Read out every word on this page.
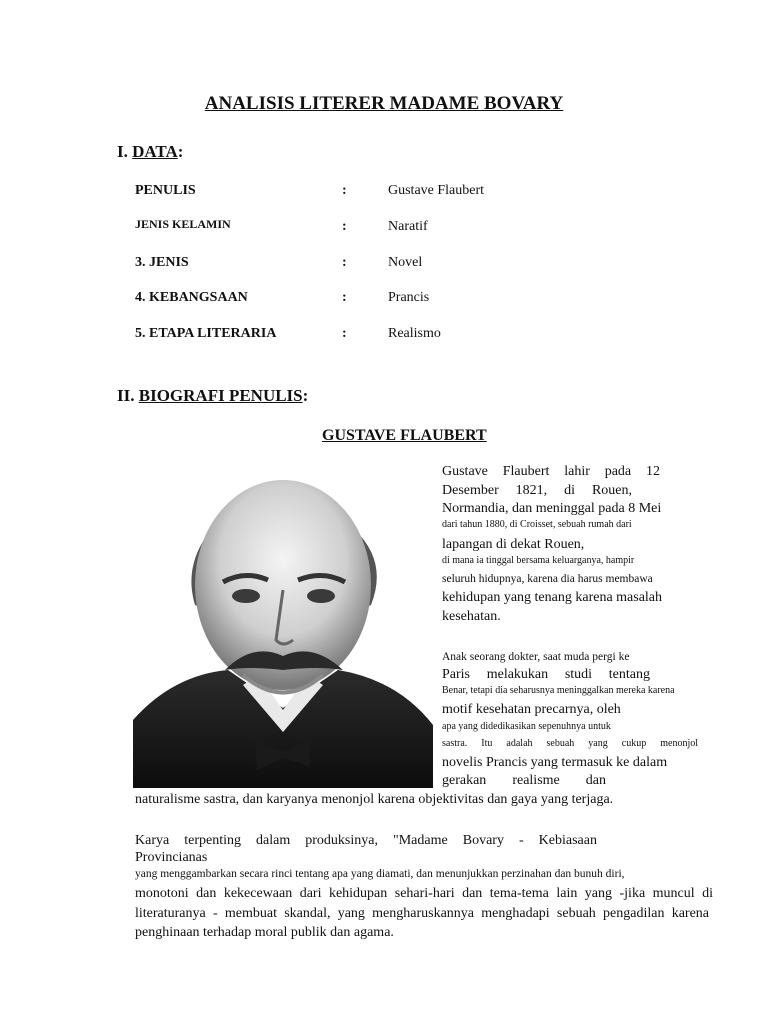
ANALISIS LITERER MADAME BOVARY
I. DATA:
PENULIS	:	Gustave Flaubert
JENIS KELAMIN	:	Naratif
3. JENIS	:	Novel
4. KEBANGSAAN	:	Prancis
5. ETAPA LITERARIA	:	Realismo
II. BIOGRAFI PENULIS:
GUSTAVE FLAUBERT
Gustave Flaubert lahir pada 12
Desember 1821, di Rouen,
Normandia, dan meninggal pada 8 Mei
dari tahun 1880, di Croisset, sebuah rumah dari
lapangan di dekat Rouen,
di mana ia tinggal bersama keluarganya, hampir
seluruh hidupnya, karena dia harus membawa
kehidupan yang tenang karena masalah
kesehatan.
Anak seorang dokter, saat muda pergi ke
Paris melakukan studi tentang
Benar, tetapi dia seharusnya meninggalkan mereka karena
motif kesehatan precarnya, oleh
apa yang didedikasikan sepenuhnya untuk
sastra. Itu adalah sebuah yang cukup menonjol
novelis Prancis yang termasuk ke dalam
gerakan realisme dan
naturalisme sastra, dan karyanya menonjol karena objektivitas dan gaya yang terjaga.
Karya terpenting dalam produksinya, "Madame Bovary - Kebiasaan
Provincianas
yang menggambarkan secara rinci tentang apa yang diamati, dan menunjukkan perzinahan dan bunuh diri,
monotoni dan kekecewaan dari kehidupan sehari-hari dan tema-tema lain yang -jika muncul di
literaturanya - membuat skandal, yang mengharuskannya menghadapi sebuah pengadilan karena
penghinaan terhadap moral publik dan agama.
